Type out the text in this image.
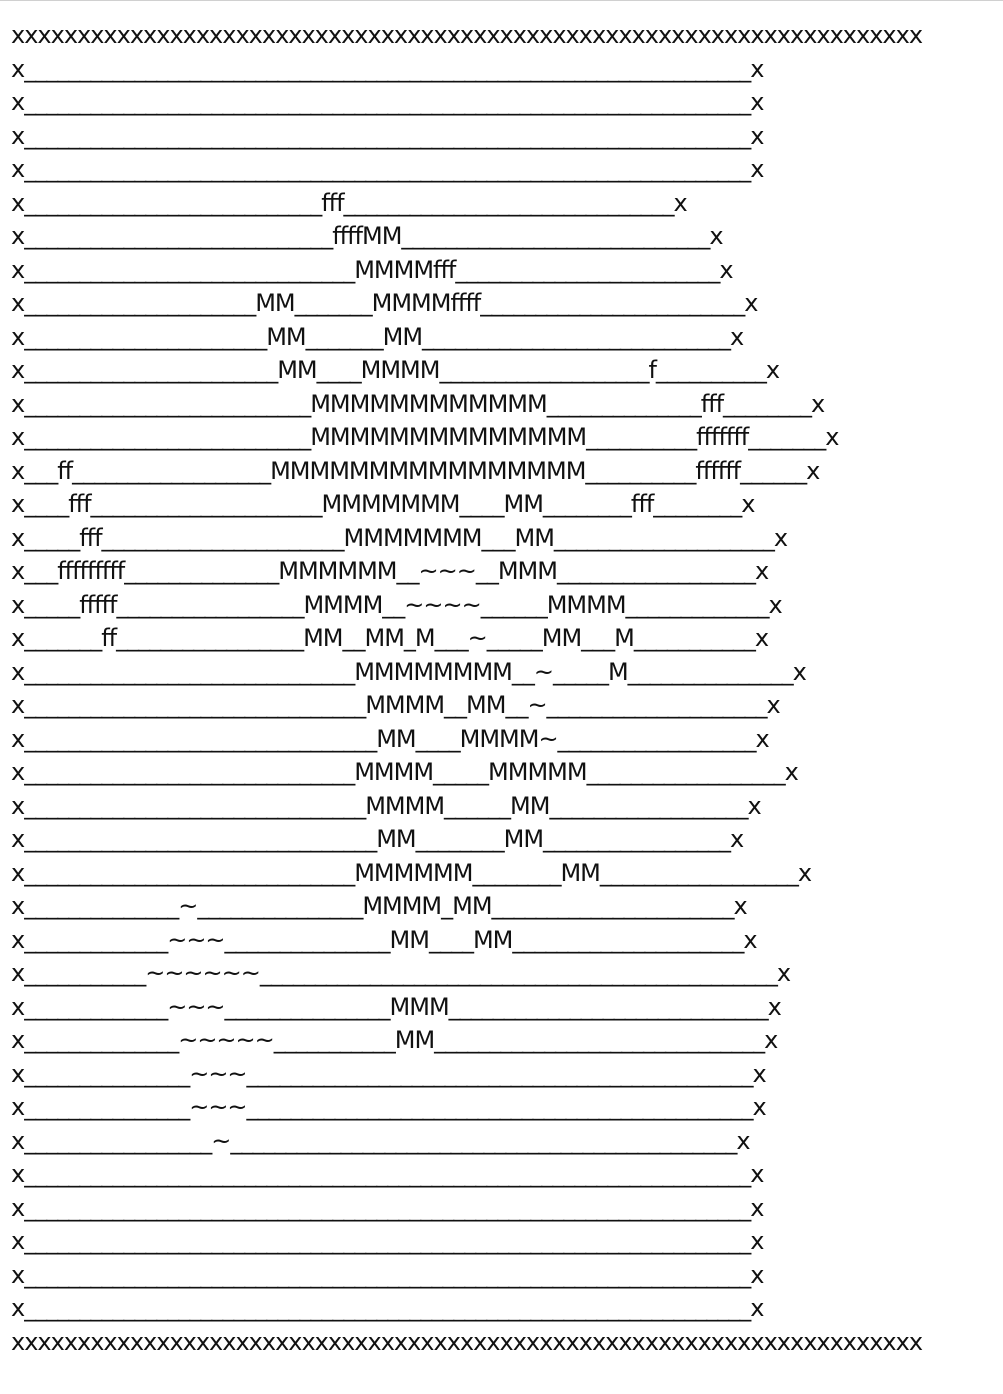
xxxxxxxxxxxxxxxxxxxxxxxxxxxxxxxxxxxxxxxxxxxxxxxxxxxxxxxxxxxxxxxxxxxxx
x__________________________________________________________________x
x__________________________________________________________________x
x__________________________________________________________________x
x__________________________________________________________________x
x___________________________fff______________________________x
x____________________________ffffMM____________________________x
x______________________________MMMMfff________________________x
x_____________________MM_______MMMMffff________________________x
x______________________MM_______MM____________________________x
x_______________________MM____MMMM___________________f__________x
x__________________________MMMMMMMMMMMM______________fff________x
x__________________________MMMMMMMMMMMMMM__________fffffff_______x
x___ff__________________MMMMMMMMMMMMMMMM__________ffffff______x
x____fff_____________________MMMMMMM____MM________fff________x
x_____fff______________________MMMMMMM___MM____________________x
x___fffffffff______________MMMMMM__~~~__MMM__________________x
x_____fffff_________________MMMM__~~~~______MMMM_____________x
x_______ff_________________MM__MM_M___~_____MM___M___________x
x______________________________MMMMMMMM__~_____M_______________x
x_______________________________MMMM__MM__~____________________x
x________________________________MM____MMMM~__________________x
x______________________________MMMM_____MMMMM__________________x
x_______________________________MMMM______MM__________________x
x________________________________MM________MM_________________x
x______________________________MMMMMM________MM__________________x
x______________~_______________MMMM_MM______________________x
x_____________~~~_______________MM____MM_____________________x
x___________~~~~~~_______________________________________________x
x_____________~~~_______________MMM_____________________________x
x______________~~~~~___________MM______________________________x
x_______________~~~______________________________________________x
x_______________~~~______________________________________________x
x_________________~______________________________________________x
x__________________________________________________________________x
x__________________________________________________________________x
x__________________________________________________________________x
x__________________________________________________________________x
x__________________________________________________________________x
xxxxxxxxxxxxxxxxxxxxxxxxxxxxxxxxxxxxxxxxxxxxxxxxxxxxxxxxxxxxxxxxxxxxx
